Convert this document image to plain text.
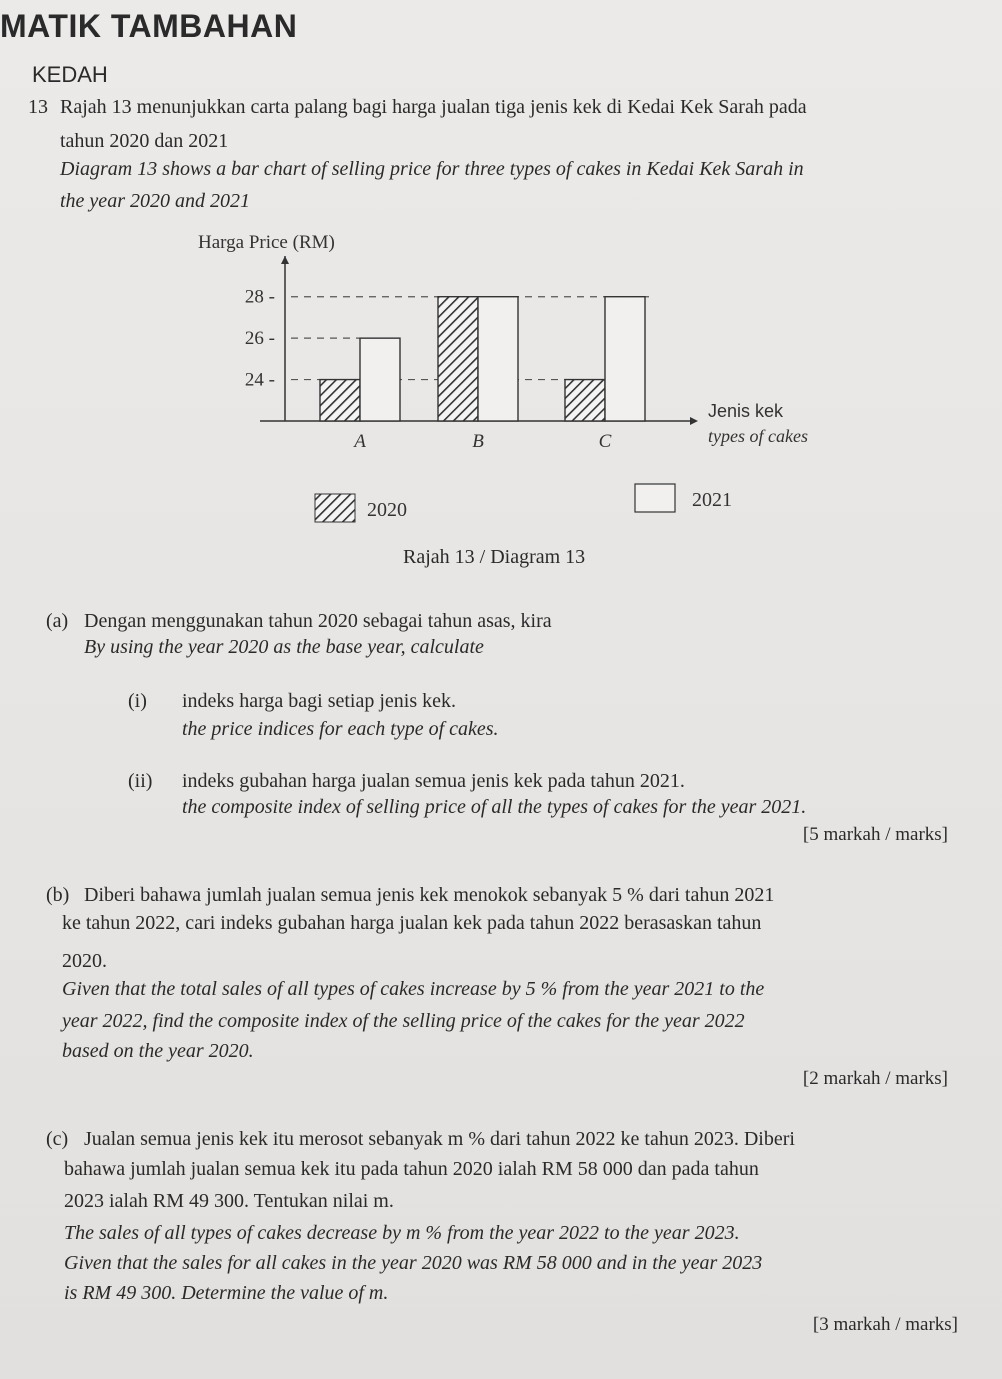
MATIK TAMBAHAN
KEDAH
13 Rajah 13 menunjukkan carta palang bagi harga jualan tiga jenis kek di Kedai Kek Sarah pada
tahun 2020 dan 2021
Diagram 13 shows a bar chart of selling price for three types of cakes in Kedai Kek Sarah in
the year 2020 and 2021
24 -
26 -
28 -
A	B	C
Harga Price (RM)
Jenis kek
types of cakes
2020	2021
Rajah 13 / Diagram 13
(a) Dengan menggunakan tahun 2020 sebagai tahun asas, kira
By using the year 2020 as the base year, calculate
(i) indeks harga bagi setiap jenis kek.
the price indices for each type of cakes.
(ii) indeks gubahan harga jualan semua jenis kek pada tahun 2021.
the composite index of selling price of all the types of cakes for the year 2021.
[5 markah / marks]
(b) Diberi bahawa jumlah jualan semua jenis kek menokok sebanyak 5 % dari tahun 2021
ke tahun 2022, cari indeks gubahan harga jualan kek pada tahun 2022 berasaskan tahun
2020.
Given that the total sales of all types of cakes increase by 5 % from the year 2021 to the
year 2022, find the composite index of the selling price of the cakes for the year 2022
based on the year 2020.
[2 markah / marks]
(c) Jualan semua jenis kek itu merosot sebanyak m % dari tahun 2022 ke tahun 2023. Diberi
bahawa jumlah jualan semua kek itu pada tahun 2020 ialah RM 58 000 dan pada tahun
2023 ialah RM 49 300. Tentukan nilai m.
The sales of all types of cakes decrease by m % from the year 2022 to the year 2023.
Given that the sales for all cakes in the year 2020 was RM 58 000 and in the year 2023
is RM 49 300. Determine the value of m.
[3 markah / marks]
